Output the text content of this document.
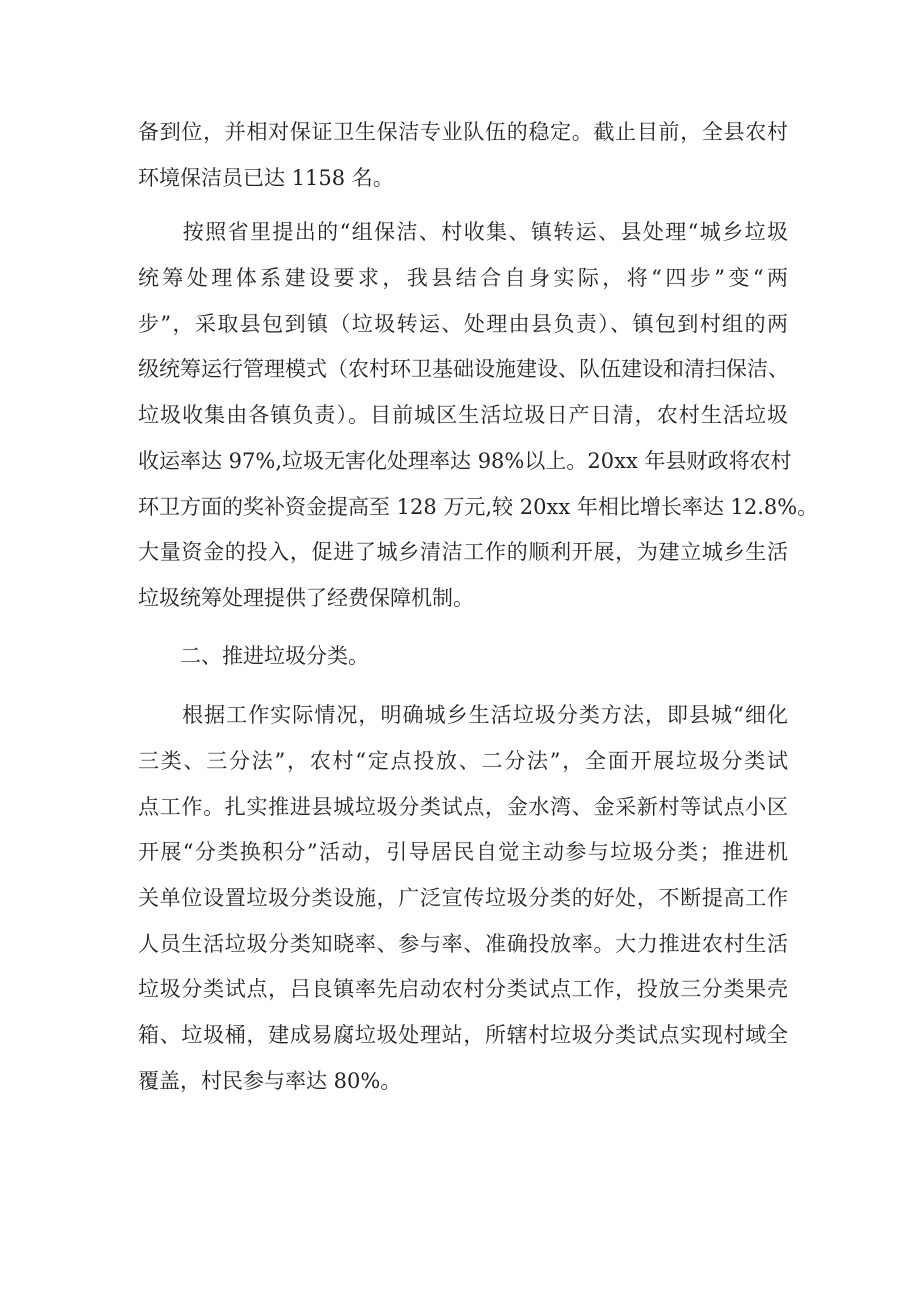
备到位，并相对保证卫生保洁专业队伍的稳定。截止目前，全县农村
环境保洁员已达 1158 名。
　　按照省里提出的“组保洁、村收集、镇转运、县处理“城乡垃圾
统筹处理体系建设要求，我县结合自身实际，将“四步”变“两
步”，采取县包到镇（垃圾转运、处理由县负责）、镇包到村组的两
级统筹运行管理模式（农村环卫基础设施建设、队伍建设和清扫保洁、
垃圾收集由各镇负责）。目前城区生活垃圾日产日清，农村生活垃圾
收运率达 97%,垃圾无害化处理率达 98%以上。20xx 年县财政将农村
环卫方面的奖补资金提高至 128 万元,较 20xx 年相比增长率达 12.8%。
大量资金的投入，促进了城乡清洁工作的顺利开展，为建立城乡生活
垃圾统筹处理提供了经费保障机制。
　　二、推进垃圾分类。
　　根据工作实际情况，明确城乡生活垃圾分类方法，即县城“细化
三类、三分法”，农村“定点投放、二分法”，全面开展垃圾分类试
点工作。扎实推进县城垃圾分类试点，金水湾、金采新村等试点小区
开展“分类换积分”活动，引导居民自觉主动参与垃圾分类；推进机
关单位设置垃圾分类设施，广泛宣传垃圾分类的好处，不断提高工作
人员生活垃圾分类知晓率、参与率、准确投放率。大力推进农村生活
垃圾分类试点，吕良镇率先启动农村分类试点工作，投放三分类果壳
箱、垃圾桶，建成易腐垃圾处理站，所辖村垃圾分类试点实现村域全
覆盖，村民参与率达 80%。
